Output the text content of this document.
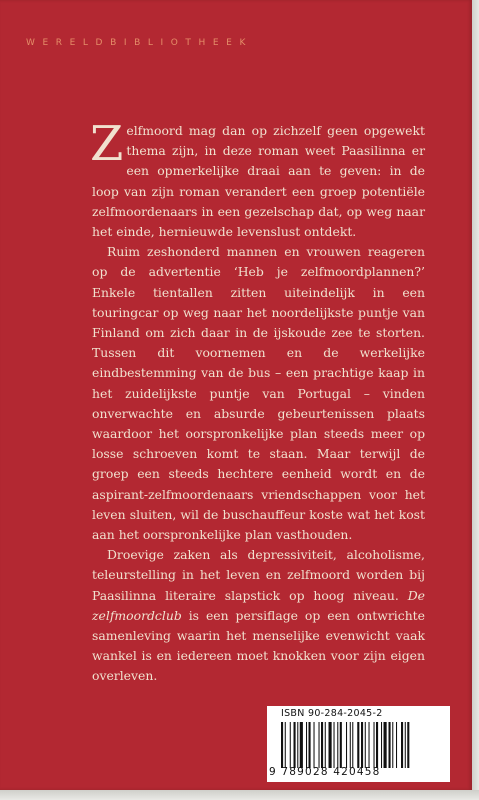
WERELDBIBLIOTHEEK

Zelfmoord mag dan op zichzelf geen opgewekt thema zijn, in deze roman weet Paasilinna er een opmerkelijke draai aan te geven: in de loop van zijn roman verandert een groep potentiële zelfmoordenaars in een gezelschap dat, op weg naar het einde, hernieuwde levenslust ontdekt.

Ruim zeshonderd mannen en vrouwen reageren op de advertentie ‘Heb je zelfmoordplannen?’ Enkele tientallen zitten uiteindelijk in een touringcar op weg naar het noordelijkste puntje van Finland om zich daar in de ijskoude zee te storten. Tussen dit voornemen en de werkelijke eindbestemming van de bus – een prachtige kaap in het zuidelijkste puntje van Portugal – vinden onverwachte en absurde gebeurtenissen plaats waardoor het oorspronkelijke plan steeds meer op losse schroeven komt te staan. Maar terwijl de groep een steeds hechtere eenheid wordt en de aspirant-zelfmoordenaars vriendschappen voor het leven sluiten, wil de buschauffeur koste wat het kost aan het oorspronkelijke plan vasthouden.

Droevige zaken als depressiviteit, alcoholisme, teleurstelling in het leven en zelfmoord worden bij Paasilinna literaire slapstick op hoog niveau. De zelfmoordclub is een persiflage op een ontwrichte samenleving waarin het menselijke evenwicht vaak wankel is en iedereen moet knokken voor zijn eigen overleven.

ISBN 90-284-2045-2
9 789028 420458
